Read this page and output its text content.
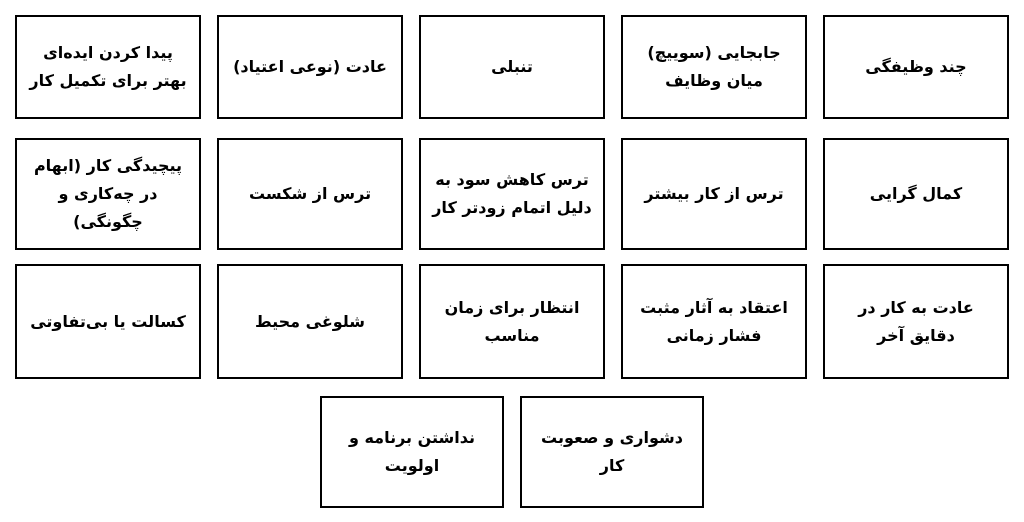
چند وظیفگی
جابجایی (سوییچ) میان وظایف
تنبلی
عادت (نوعی اعتیاد)
پیدا کردن ایده‌ای بهتر برای تکمیل کار
کمال گرایی
ترس از کار بیشتر
ترس کاهش سود به دلیل اتمام زودتر کار
ترس از شکست
پیچیدگی کار (ابهام در چه‌کاری و چگونگی)
عادت به کار در دقایق آخر
اعتقاد به آثار مثبت فشار زمانی
انتظار برای زمان مناسب
شلوغی محیط
کسالت یا بی‌تفاوتی
دشواری و صعوبت کار
نداشتن برنامه و اولویت
